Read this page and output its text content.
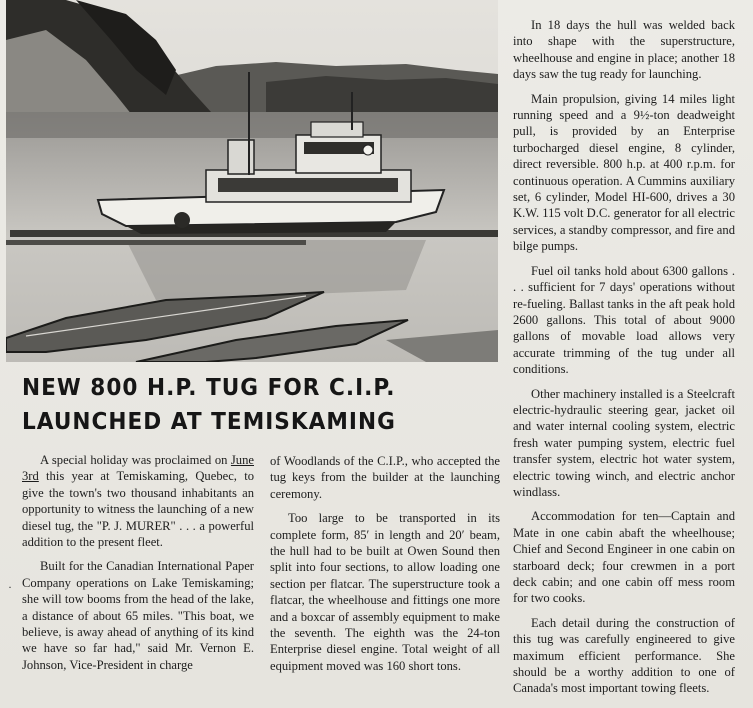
NEW 800 H.P. TUG FOR C.I.P.
LAUNCHED AT TEMISKAMING
·

A special holiday was proclaimed on June 3rd this year at Temiskaming, Quebec, to give the town's two thousand inhabitants an opportunity to witness the launching of a new diesel tug, the "P. J. MURER" . . . a powerful addition to the present fleet.

Built for the Canadian International Paper Company operations on Lake Temiskaming; she will tow booms from the head of the lake, a distance of about 65 miles. "This boat, we believe, is away ahead of anything of its kind we have so far had," said Mr. Vernon E. Johnson, Vice-President in charge

of Woodlands of the C.I.P., who accepted the tug keys from the builder at the launching ceremony.

Too large to be transported in its complete form, 85′ in length and 20′ beam, the hull had to be built at Owen Sound then split into four sections, to allow loading one section per flatcar. The superstructure took a flatcar, the wheelhouse and fittings one more and a boxcar of assembly equipment to make the seventh. The eighth was the 24-ton Enterprise diesel engine. Total weight of all equipment moved was 160 short tons.

In 18 days the hull was welded back into shape with the superstructure, wheelhouse and engine in place; another 18 days saw the tug ready for launching.

Main propulsion, giving 14 miles light running speed and a 9½-ton deadweight pull, is provided by an Enterprise turbocharged diesel engine, 8 cylinder, direct reversible. 800 h.p. at 400 r.p.m. for continuous operation. A Cummins auxiliary set, 6 cylinder, Model HI-600, drives a 30 K.W. 115 volt D.C. generator for all electric services, a standby compressor, and fire and bilge pumps.

Fuel oil tanks hold about 6300 gallons . . . sufficient for 7 days' operations without re-fueling. Ballast tanks in the aft peak hold 2600 gallons. This total of about 9000 gallons of movable load allows very accurate trimming of the tug under all conditions.

Other machinery installed is a Steelcraft electric-hydraulic steering gear, jacket oil and water internal cooling system, electric fresh water pumping system, electric fuel transfer system, electric hot water system, electric towing winch, and electric anchor windlass.

Accommodation for ten—Captain and Mate in one cabin abaft the wheelhouse; Chief and Second Engineer in one cabin on starboard deck; four crewmen in a port deck cabin; and one cabin off mess room for two cooks.

Each detail during the construction of this tug was carefully engineered to give maximum efficient performance. She should be a worthy addition to one of Canada's most important towing fleets.
